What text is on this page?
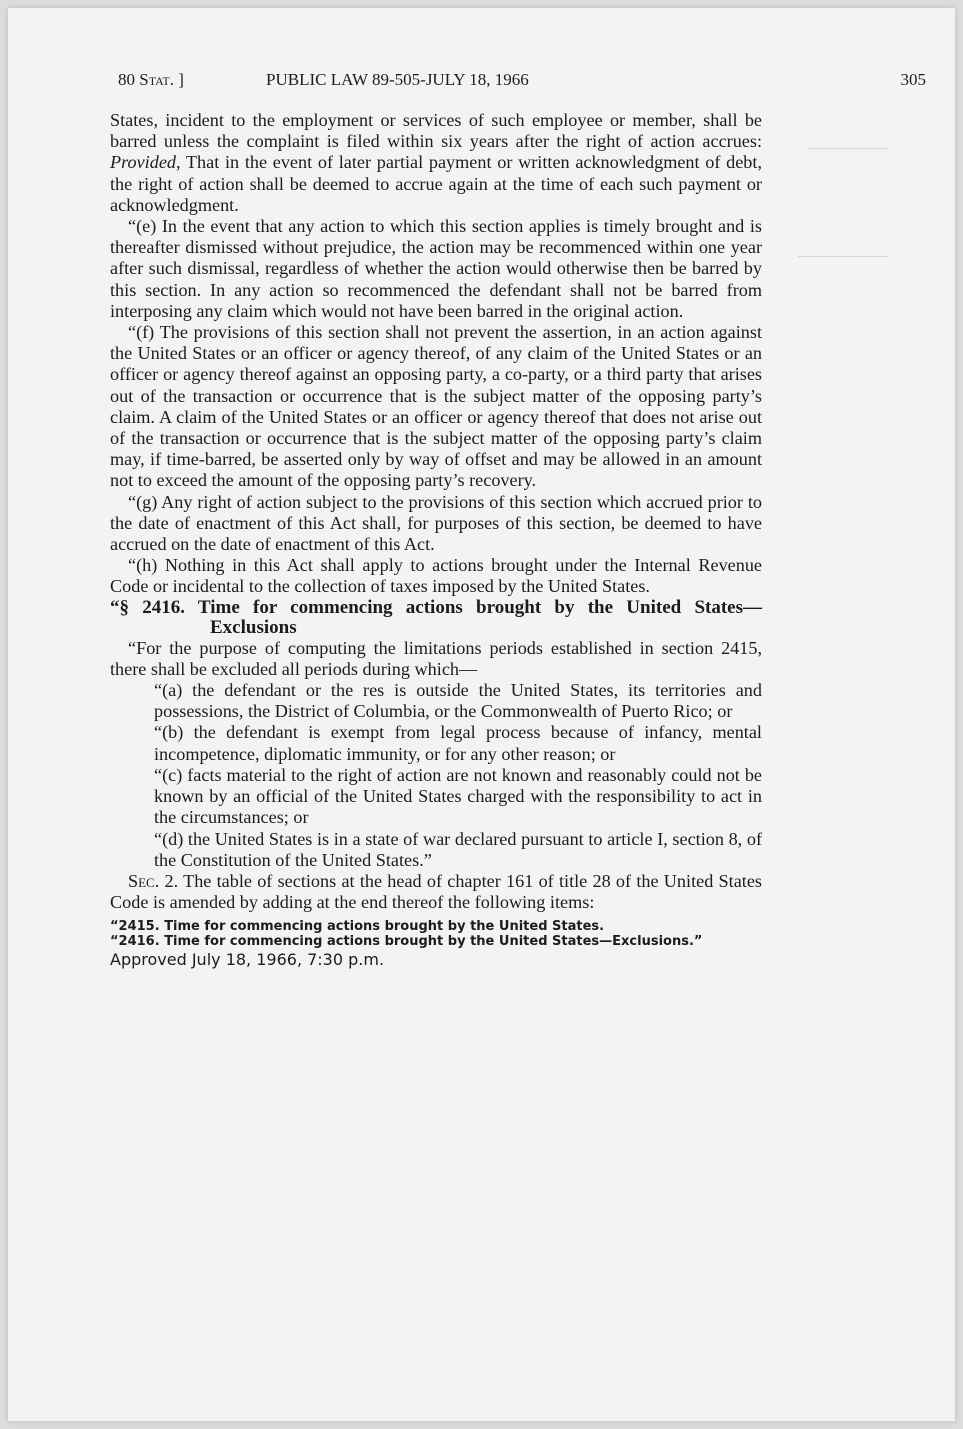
80 Stat. ]	PUBLIC LAW 89-505-JULY 18, 1966	305

States, incident to the employment or services of such employee or member, shall be barred unless the complaint is filed within six years after the right of action accrues: Provided, That in the event of later partial payment or written acknowledgment of debt, the right of action shall be deemed to accrue again at the time of each such payment or acknowledgment.

“(e) In the event that any action to which this section applies is timely brought and is thereafter dismissed without prejudice, the action may be recommenced within one year after such dismissal, regardless of whether the action would otherwise then be barred by this section. In any action so recommenced the defendant shall not be barred from interposing any claim which would not have been barred in the original action.

“(f) The provisions of this section shall not prevent the assertion, in an action against the United States or an officer or agency thereof, of any claim of the United States or an officer or agency thereof against an opposing party, a co-party, or a third party that arises out of the transaction or occurrence that is the subject matter of the opposing party’s claim. A claim of the United States or an officer or agency thereof that does not arise out of the transaction or occurrence that is the subject matter of the opposing party’s claim may, if time-barred, be asserted only by way of offset and may be allowed in an amount not to exceed the amount of the opposing party’s recovery.

“(g) Any right of action subject to the provisions of this section which accrued prior to the date of enactment of this Act shall, for purposes of this section, be deemed to have accrued on the date of enactment of this Act.

“(h) Nothing in this Act shall apply to actions brought under the Internal Revenue Code or incidental to the collection of taxes imposed by the United States.

“§ 2416. Time for commencing actions brought by the United States—Exclusions

“For the purpose of computing the limitations periods established in section 2415, there shall be excluded all periods during which—

“(a) the defendant or the res is outside the United States, its territories and possessions, the District of Columbia, or the Commonwealth of Puerto Rico; or

“(b) the defendant is exempt from legal process because of infancy, mental incompetence, diplomatic immunity, or for any other reason; or

“(c) facts material to the right of action are not known and reasonably could not be known by an official of the United States charged with the responsibility to act in the circumstances; or

“(d) the United States is in a state of war declared pursuant to article I, section 8, of the Constitution of the United States.”

Sec. 2. The table of sections at the head of chapter 161 of title 28 of the United States Code is amended by adding at the end thereof the following items:

“2415. Time for commencing actions brought by the United States.
“2416. Time for commencing actions brought by the United States—Exclusions.”

Approved July 18, 1966, 7:30 p.m.
